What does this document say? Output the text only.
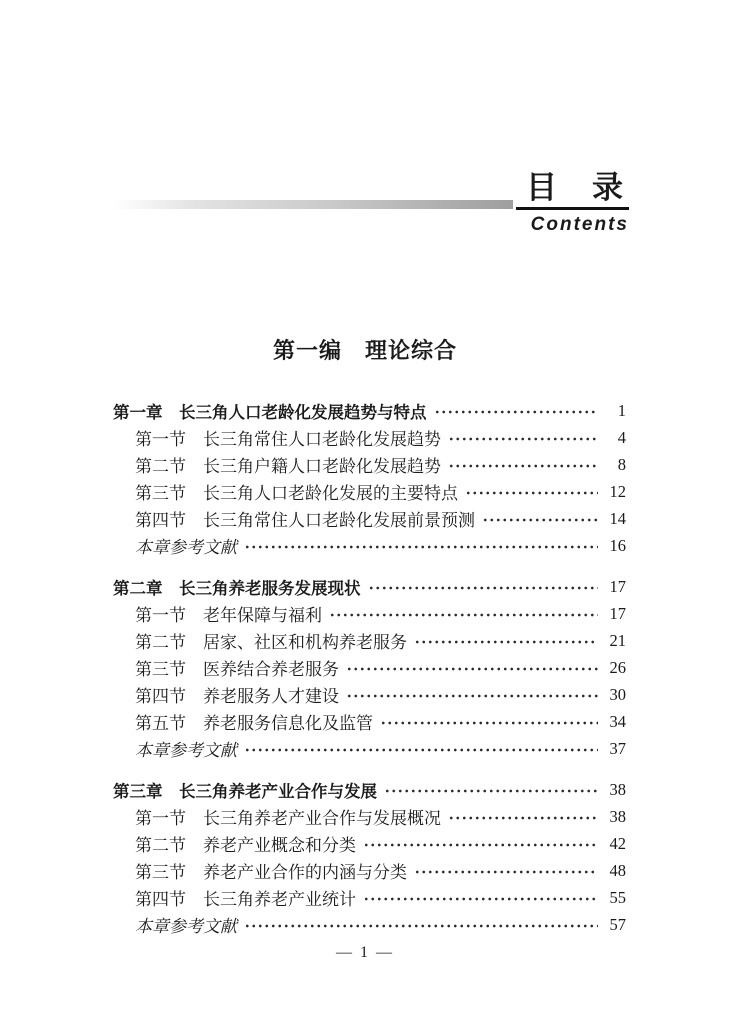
目　录
Contents
第一编　理论综合
第一章　长三角人口老龄化发展趋势与特点	1
第一节　长三角常住人口老龄化发展趋势	4
第二节　长三角户籍人口老龄化发展趋势	8
第三节　长三角人口老龄化发展的主要特点	12
第四节　长三角常住人口老龄化发展前景预测	14
本章参考文献	16
第二章　长三角养老服务发展现状	17
第一节　老年保障与福利	17
第二节　居家、社区和机构养老服务	21
第三节　医养结合养老服务	26
第四节　养老服务人才建设	30
第五节　养老服务信息化及监管	34
本章参考文献	37
第三章　长三角养老产业合作与发展	38
第一节　长三角养老产业合作与发展概况	38
第二节　养老产业概念和分类	42
第三节　养老产业合作的内涵与分类	48
第四节　长三角养老产业统计	55
本章参考文献	57
— 1 —
